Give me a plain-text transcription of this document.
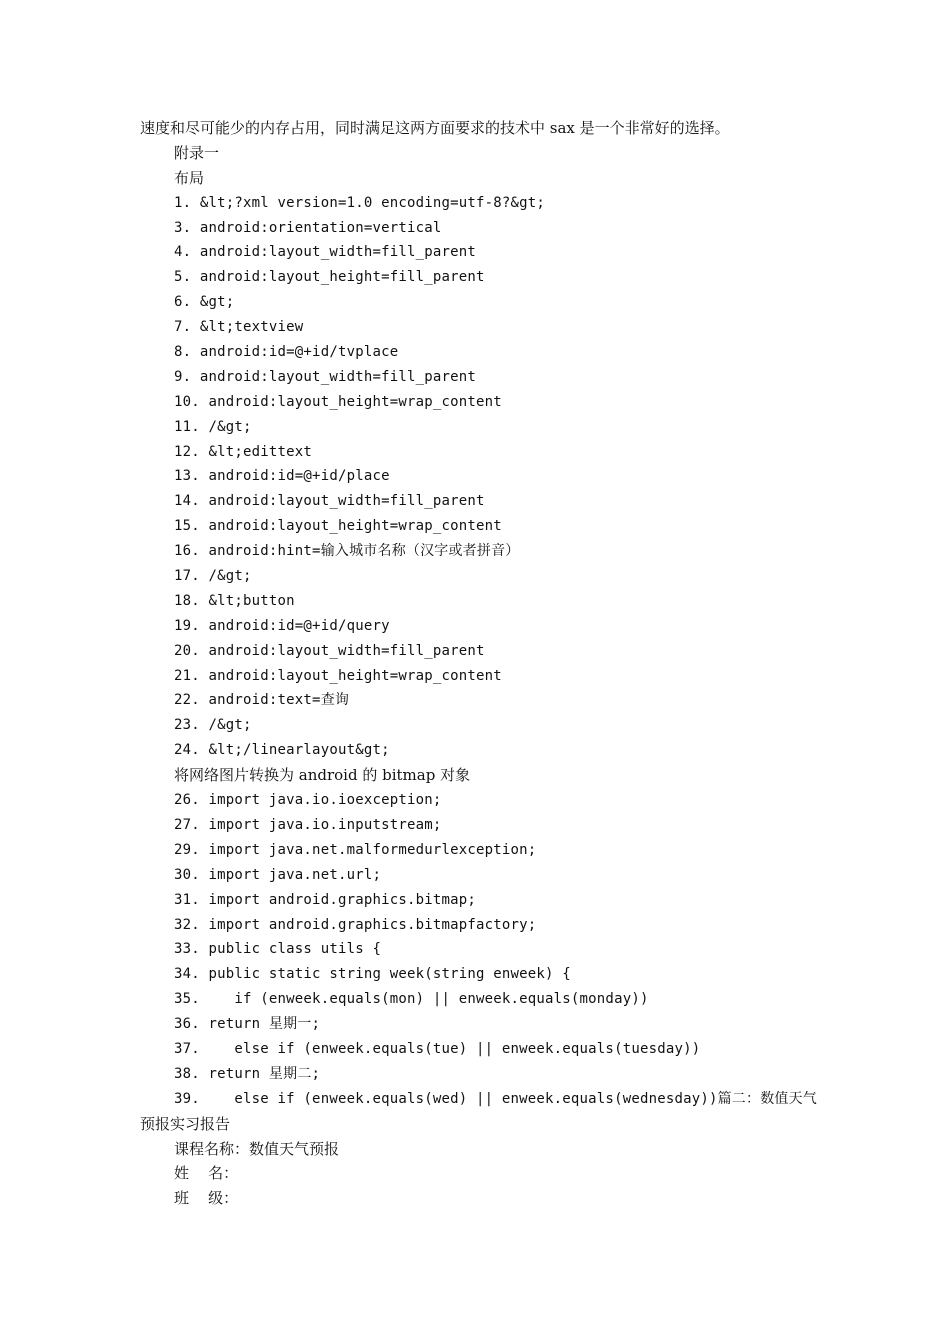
速度和尽可能少的内存占用，同时满足这两方面要求的技术中 sax 是一个非常好的选择。
附录一
布局
1. &lt;?xml version=1.0 encoding=utf-8?&gt;
3. android:orientation=vertical
4. android:layout_width=fill_parent
5. android:layout_height=fill_parent
6. &gt;
7. &lt;textview
8. android:id=@+id/tvplace
9. android:layout_width=fill_parent
10. android:layout_height=wrap_content
11. /&gt;
12. &lt;edittext
13. android:id=@+id/place
14. android:layout_width=fill_parent
15. android:layout_height=wrap_content
16. android:hint=输入城市名称（汉字或者拼音）
17. /&gt;
18. &lt;button
19. android:id=@+id/query
20. android:layout_width=fill_parent
21. android:layout_height=wrap_content
22. android:text=查询
23. /&gt;
24. &lt;/linearlayout&gt;
将网络图片转换为 android 的 bitmap 对象
26. import java.io.ioexception;
27. import java.io.inputstream;
29. import java.net.malformedurlexception;
30. import java.net.url;
31. import android.graphics.bitmap;
32. import android.graphics.bitmapfactory;
33. public class utils {
34. public static string week(string enweek) {
35.    if (enweek.equals(mon) || enweek.equals(monday))
36. return 星期一;
37.    else if (enweek.equals(tue) || enweek.equals(tuesday))
38. return 星期二;
39.    else if (enweek.equals(wed) || enweek.equals(wednesday))篇二：数值天气
预报实习报告
课程名称：数值天气预报
姓    名：
班    级：
